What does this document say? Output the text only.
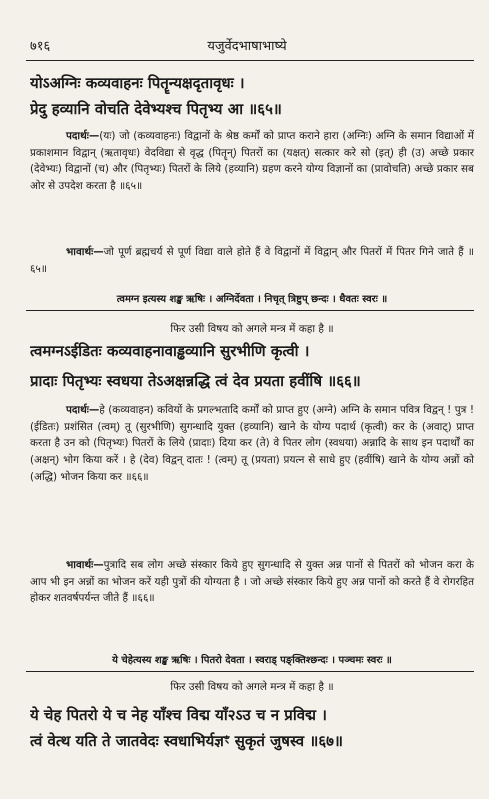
७१६	यजुर्वेदभाषाभाष्ये
योऽअग्निः कव्यवाहनः पितॄन्यक्षदृतावृधः ।
प्रेदु हव्यानि वोचति देवेभ्यश्च पितृभ्य आ ॥६५॥
पदार्थः—(यः) जो (कव्यवाहनः) विद्वानों के श्रेष्ठ कर्मों को प्राप्त कराने हारा (अग्निः) अग्नि के समान विद्याओं में प्रकाशमान विद्वान् (ऋतावृधः) वेदविद्या से वृद्ध (पितॄन्) पितरों का (यक्षत्) सत्कार करे सो (इत्) ही (उ) अच्छे प्रकार (देवेभ्यः) विद्वानों (च) और (पितृभ्यः) पितरों के लिये (हव्यानि) ग्रहण करने योग्य विज्ञानों का (प्रावोचति) अच्छे प्रकार सब ओर से उपदेश करता है ॥६५॥
भावार्थः—जो पूर्ण ब्रह्मचर्य से पूर्ण विद्या वाले होते हैं वे विद्वानों में विद्वान् और पितरों में पितर गिने जाते हैं ॥६५॥
त्वमग्न इत्यस्य शङ्ख ऋषिः । अग्निर्देवता । निचृत् त्रिष्टुप् छन्दः । धैवतः स्वरः ॥
फिर उसी विषय को अगले मन्त्र में कहा है ॥
त्वमग्नऽईडितः कव्यवाहनावाड्ढव्यानि सुरभीणि कृत्वी ।
प्रादाः पितृभ्यः स्वधया तेऽअक्षन्नद्धि त्वं देव प्रयता हवींषि ॥६६॥
पदार्थः—हे (कव्यवाहन) कवियों के प्रगल्भतादि कर्मों को प्राप्त हुए (अग्ने) अग्नि के समान पवित्र विद्वन् ! पुत्र ! (ईडितः) प्रशंसित (त्वम्) तू (सुरभीणि) सुगन्धादि युक्त (हव्यानि) खाने के योग्य पदार्थ (कृत्वी) कर के (अवाट्) प्राप्त करता है उन को (पितृभ्यः) पितरों के लिये (प्रादाः) दिया कर (ते) वे पितर लोग (स्वधया) अन्नादि के साथ इन पदार्थों का (अक्षन्) भोग किया करें । हे (देव) विद्वन् दातः ! (त्वम्) तू (प्रयता) प्रयत्न से साधे हुए (हवींषि) खाने के योग्य अन्नों को (अद्धि) भोजन किया कर ॥६६॥
भावार्थः—पुत्रादि सब लोग अच्छे संस्कार किये हुए सुगन्धादि से युक्त अन्न पानों से पितरों को भोजन करा के आप भी इन अन्नों का भोजन करें यही पुत्रों की योग्यता है । जो अच्छे संस्कार किये हुए अन्न पानों को करते हैं वे रोगरहित होकर शतवर्षपर्यन्त जीते हैं ॥६६॥
ये चेहेत्यस्य शङ्ख ऋषिः । पितरो देवता । स्वराड् पङ्क्तिश्छन्दः । पञ्चमः स्वरः ॥
फिर उसी विषय को अगले मन्त्र में कहा है ॥
ये चेह पितरो ये च नेह याँश्च विद्म याँ२ऽउ च न प्रविद्म ।
त्वं वेत्थ यति ते जातवेदः स्वधाभिर्यज्ञꣳ सुकृतं जुषस्व ॥६७॥
